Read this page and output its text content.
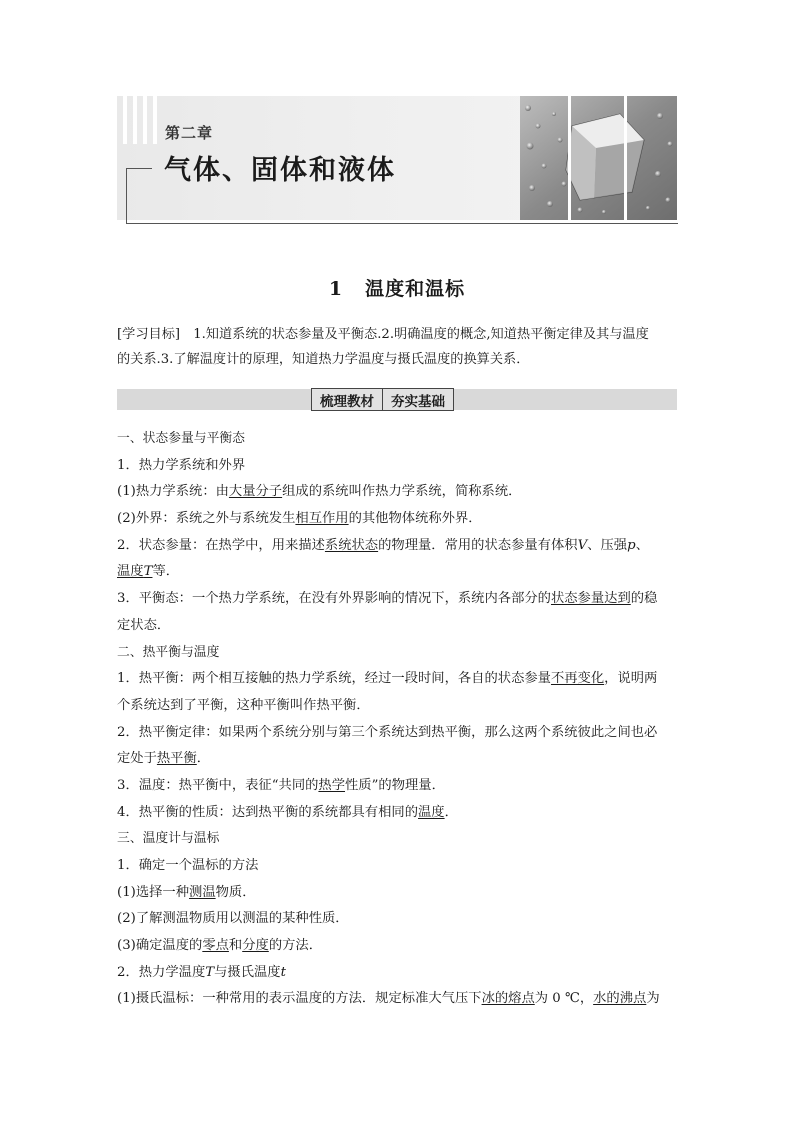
第二章
气体、固体和液体
1 温度和温标
[学习目标]　1.知道系统的状态参量及平衡态.2.明确温度的概念,知道热平衡定律及其与温度
的关系.3.了解温度计的原理，知道热力学温度与摄氏温度的换算关系．
梳理教材	夯实基础
一、状态参量与平衡态
1．热力学系统和外界
(1)热力学系统：由大量分子组成的系统叫作热力学系统，简称系统．
(2)外界：系统之外与系统发生相互作用的其他物体统称外界．
2．状态参量：在热学中，用来描述系统状态的物理量．常用的状态参量有体积V、压强p、
温度T等．
3．平衡态：一个热力学系统，在没有外界影响的情况下，系统内各部分的状态参量达到的稳
定状态．
二、热平衡与温度
1．热平衡：两个相互接触的热力学系统，经过一段时间，各自的状态参量不再变化，说明两
个系统达到了平衡，这种平衡叫作热平衡．
2．热平衡定律：如果两个系统分别与第三个系统达到热平衡，那么这两个系统彼此之间也必
定处于热平衡．
3．温度：热平衡中，表征“共同的热学性质”的物理量．
4．热平衡的性质：达到热平衡的系统都具有相同的温度．
三、温度计与温标
1．确定一个温标的方法
(1)选择一种测温物质．
(2)了解测温物质用以测温的某种性质．
(3)确定温度的零点和分度的方法．
2．热力学温度T与摄氏温度t
(1)摄氏温标：一种常用的表示温度的方法．规定标准大气压下冰的熔点为 0 ℃，水的沸点为
